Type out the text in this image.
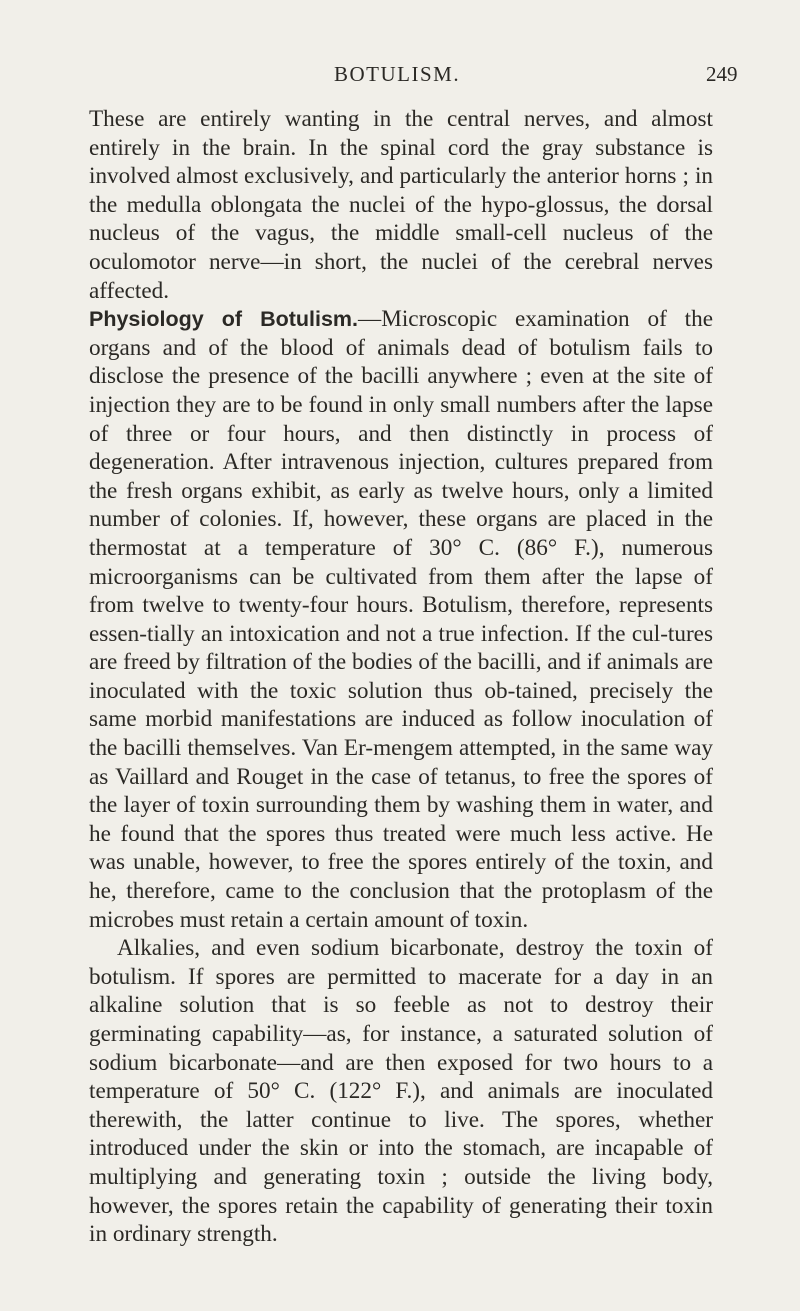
BOTULISM.	249

These are entirely wanting in the central nerves, and almost entirely in the brain. In the spinal cord the gray substance is involved almost exclusively, and particularly the anterior horns ; in the medulla oblongata the nuclei of the hypo-glossus, the dorsal nucleus of the vagus, the middle small-cell nucleus of the oculomotor nerve—in short, the nuclei of the cerebral nerves affected.

Physiology of Botulism.—Microscopic examination of the organs and of the blood of animals dead of botulism fails to disclose the presence of the bacilli anywhere ; even at the site of injection they are to be found in only small numbers after the lapse of three or four hours, and then distinctly in process of degeneration. After intravenous injection, cultures prepared from the fresh organs exhibit, as early as twelve hours, only a limited number of colonies. If, however, these organs are placed in the thermostat at a temperature of 30° C. (86° F.), numerous microorganisms can be cultivated from them after the lapse of from twelve to twenty-four hours. Botulism, therefore, represents essen-tially an intoxication and not a true infection. If the cul-tures are freed by filtration of the bodies of the bacilli, and if animals are inoculated with the toxic solution thus ob-tained, precisely the same morbid manifestations are induced as follow inoculation of the bacilli themselves. Van Er-mengem attempted, in the same way as Vaillard and Rouget in the case of tetanus, to free the spores of the layer of toxin surrounding them by washing them in water, and he found that the spores thus treated were much less active. He was unable, however, to free the spores entirely of the toxin, and he, therefore, came to the conclusion that the protoplasm of the microbes must retain a certain amount of toxin.

Alkalies, and even sodium bicarbonate, destroy the toxin of botulism. If spores are permitted to macerate for a day in an alkaline solution that is so feeble as not to destroy their germinating capability—as, for instance, a saturated solution of sodium bicarbonate—and are then exposed for two hours to a temperature of 50° C. (122° F.), and animals are inoculated therewith, the latter continue to live. The spores, whether introduced under the skin or into the stomach, are incapable of multiplying and generating toxin ; outside the living body, however, the spores retain the capability of generating their toxin in ordinary strength.
